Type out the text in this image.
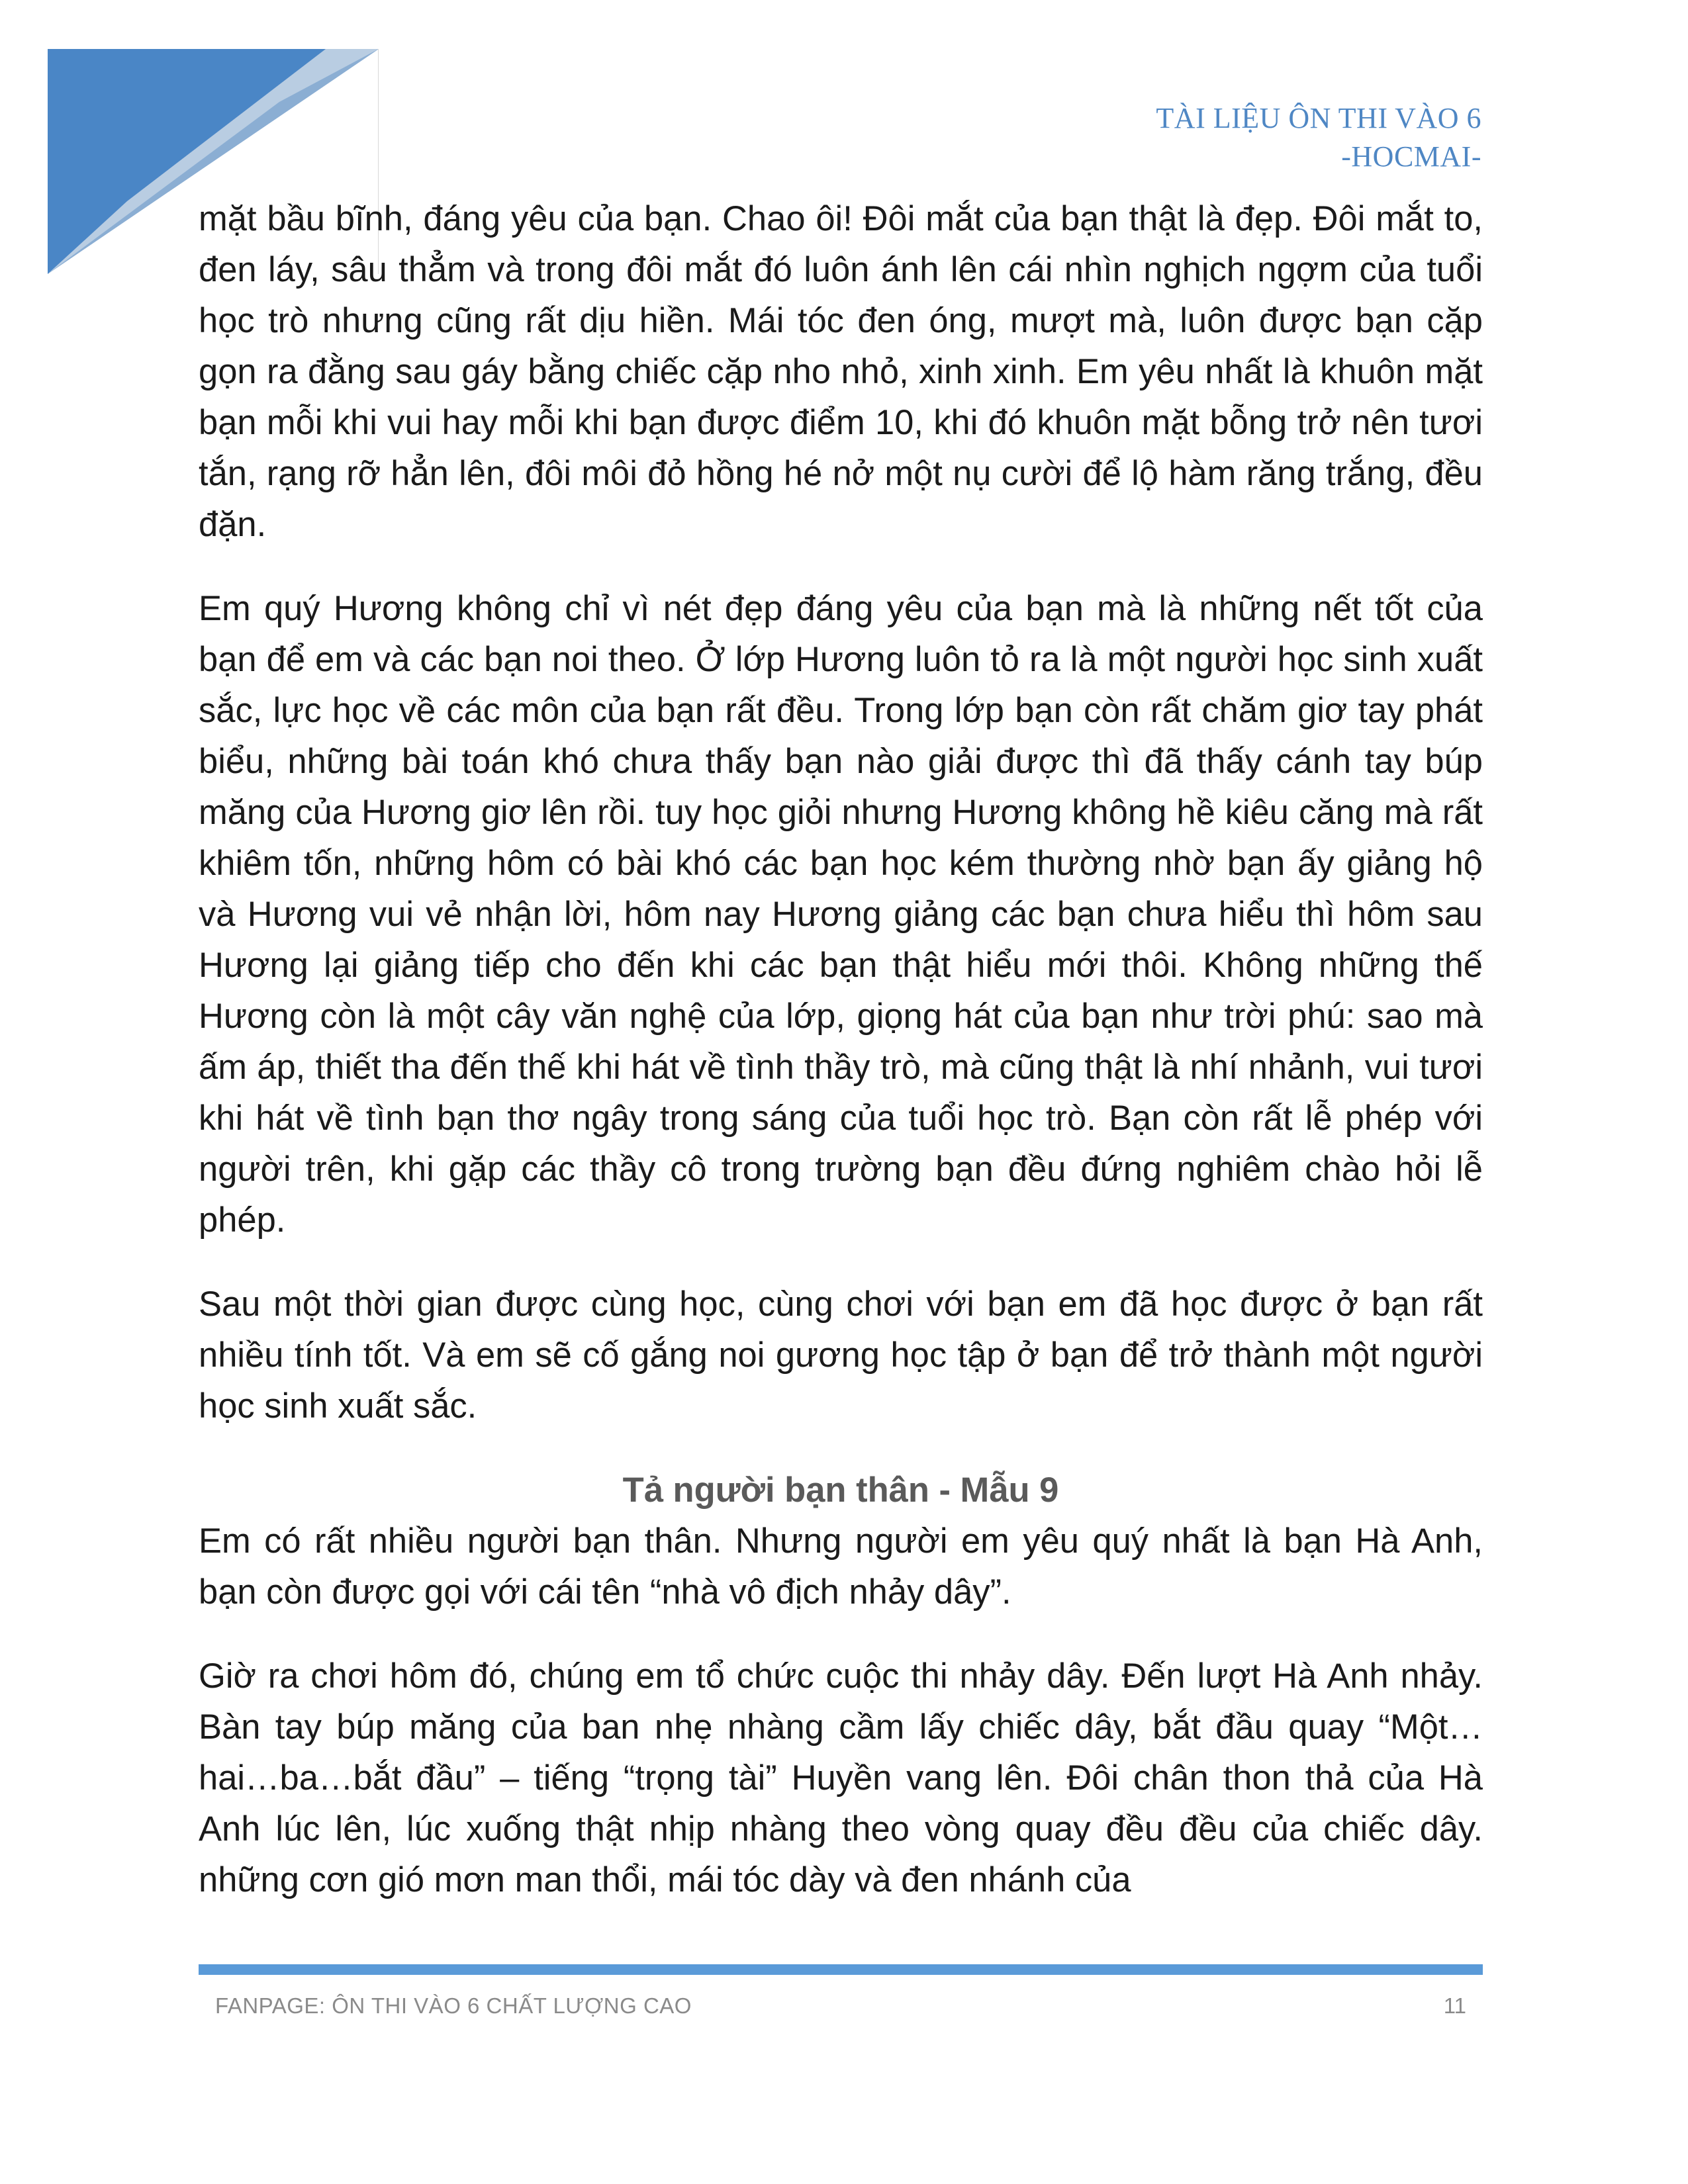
TÀI LIỆU ÔN THI VÀO 6
-HOCMAI-

mặt bầu bĩnh, đáng yêu của bạn. Chao ôi! Đôi mắt của bạn thật là đẹp. Đôi mắt to, đen láy, sâu thẳm và trong đôi mắt đó luôn ánh lên cái nhìn nghịch ngợm của tuổi học trò nhưng cũng rất dịu hiền. Mái tóc đen óng, mượt mà, luôn được bạn cặp gọn ra đằng sau gáy bằng chiếc cặp nho nhỏ, xinh xinh. Em yêu nhất là khuôn mặt bạn mỗi khi vui hay mỗi khi bạn được điểm 10, khi đó khuôn mặt bỗng trở nên tươi tắn, rạng rỡ hẳn lên, đôi môi đỏ hồng hé nở một nụ cười để lộ hàm răng trắng, đều đặn.

Em quý Hương không chỉ vì nét đẹp đáng yêu của bạn mà là những nết tốt của bạn để em và các bạn noi theo. Ở lớp Hương luôn tỏ ra là một người học sinh xuất sắc, lực học về các môn của bạn rất đều. Trong lớp bạn còn rất chăm giơ tay phát biểu, những bài toán khó chưa thấy bạn nào giải được thì đã thấy cánh tay búp măng của Hương giơ lên rồi. tuy học giỏi nhưng Hương không hề kiêu căng mà rất khiêm tốn, những hôm có bài khó các bạn học kém thường nhờ bạn ấy giảng hộ và Hương vui vẻ nhận lời, hôm nay Hương giảng các bạn chưa hiểu thì hôm sau Hương lại giảng tiếp cho đến khi các bạn thật hiểu mới thôi. Không những thế Hương còn là một cây văn nghệ của lớp, giọng hát của bạn như trời phú: sao mà ấm áp, thiết tha đến thế khi hát về tình thầy trò, mà cũng thật là nhí nhảnh, vui tươi khi hát về tình bạn thơ ngây trong sáng của tuổi học trò. Bạn còn rất lễ phép với người trên, khi gặp các thầy cô trong trường bạn đều đứng nghiêm chào hỏi lễ phép.

Sau một thời gian được cùng học, cùng chơi với bạn em đã học được ở bạn rất nhiều tính tốt. Và em sẽ cố gắng noi gương học tập ở bạn để trở thành một người học sinh xuất sắc.

Tả người bạn thân - Mẫu 9

Em có rất nhiều người bạn thân. Nhưng người em yêu quý nhất là bạn Hà Anh, bạn còn được gọi với cái tên “nhà vô địch nhảy dây”.

Giờ ra chơi hôm đó, chúng em tổ chức cuộc thi nhảy dây. Đến lượt Hà Anh nhảy. Bàn tay búp măng của ban nhẹ nhàng cầm lấy chiếc dây, bắt đầu quay “Một…hai…ba…bắt đầu” – tiếng “trọng tài” Huyền vang lên. Đôi chân thon thả của Hà Anh lúc lên, lúc xuống thật nhịp nhàng theo vòng quay đều đều của chiếc dây. những cơn gió mơn man thổi, mái tóc dày và đen nhánh của

FANPAGE: ÔN THI VÀO 6 CHẤT LƯỢNG CAO	11
